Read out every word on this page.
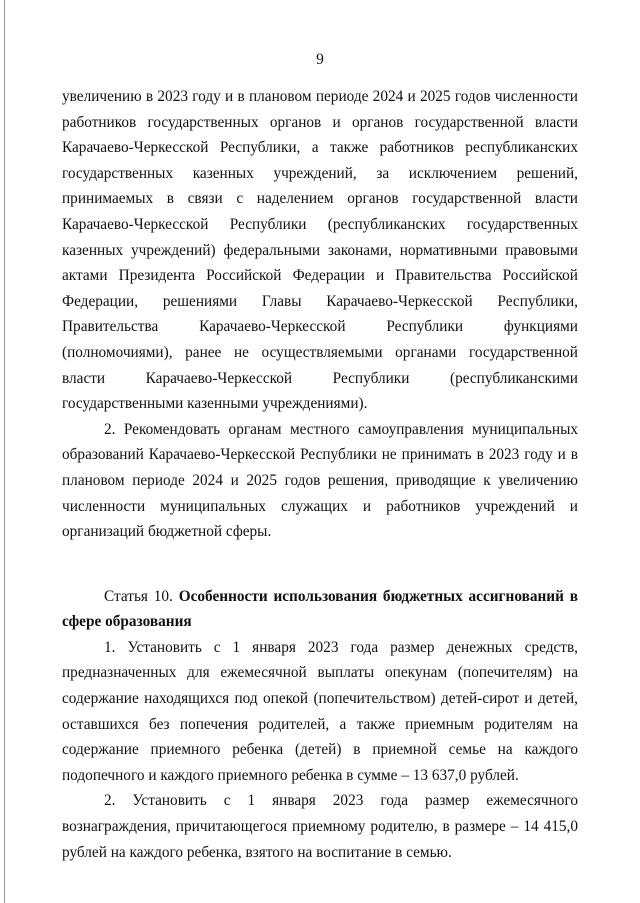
9

увеличению в 2023 году и в плановом периоде 2024 и 2025 годов численности работников государственных органов и органов государственной власти Карачаево-Черкесской Республики, а также работников республиканских государственных казенных учреждений, за исключением решений, принимаемых в связи с наделением органов государственной власти Карачаево-Черкесской Республики (республиканских государственных казенных учреждений) федеральными законами, нормативными правовыми актами Президента Российской Федерации и Правительства Российской Федерации, решениями Главы Карачаево-Черкесской Республики, Правительства Карачаево-Черкесской Республики функциями (полномочиями), ранее не осуществляемыми органами государственной власти Карачаево-Черкесской Республики (республиканскими государственными казенными учреждениями).

2. Рекомендовать органам местного самоуправления муниципальных образований Карачаево-Черкесской Республики не принимать в 2023 году и в плановом периоде 2024 и 2025 годов решения, приводящие к увеличению численности муниципальных служащих и работников учреждений и организаций бюджетной сферы.

Статья 10. Особенности использования бюджетных ассигнований в сфере образования

1. Установить с 1 января 2023 года размер денежных средств, предназначенных для ежемесячной выплаты опекунам (попечителям) на содержание находящихся под опекой (попечительством) детей-сирот и детей, оставшихся без попечения родителей, а также приемным родителям на содержание приемного ребенка (детей) в приемной семье на каждого подопечного и каждого приемного ребенка в сумме – 13 637,0 рублей.

2. Установить с 1 января 2023 года размер ежемесячного вознаграждения, причитающегося приемному родителю, в размере – 14 415,0 рублей на каждого ребенка, взятого на воспитание в семью.
